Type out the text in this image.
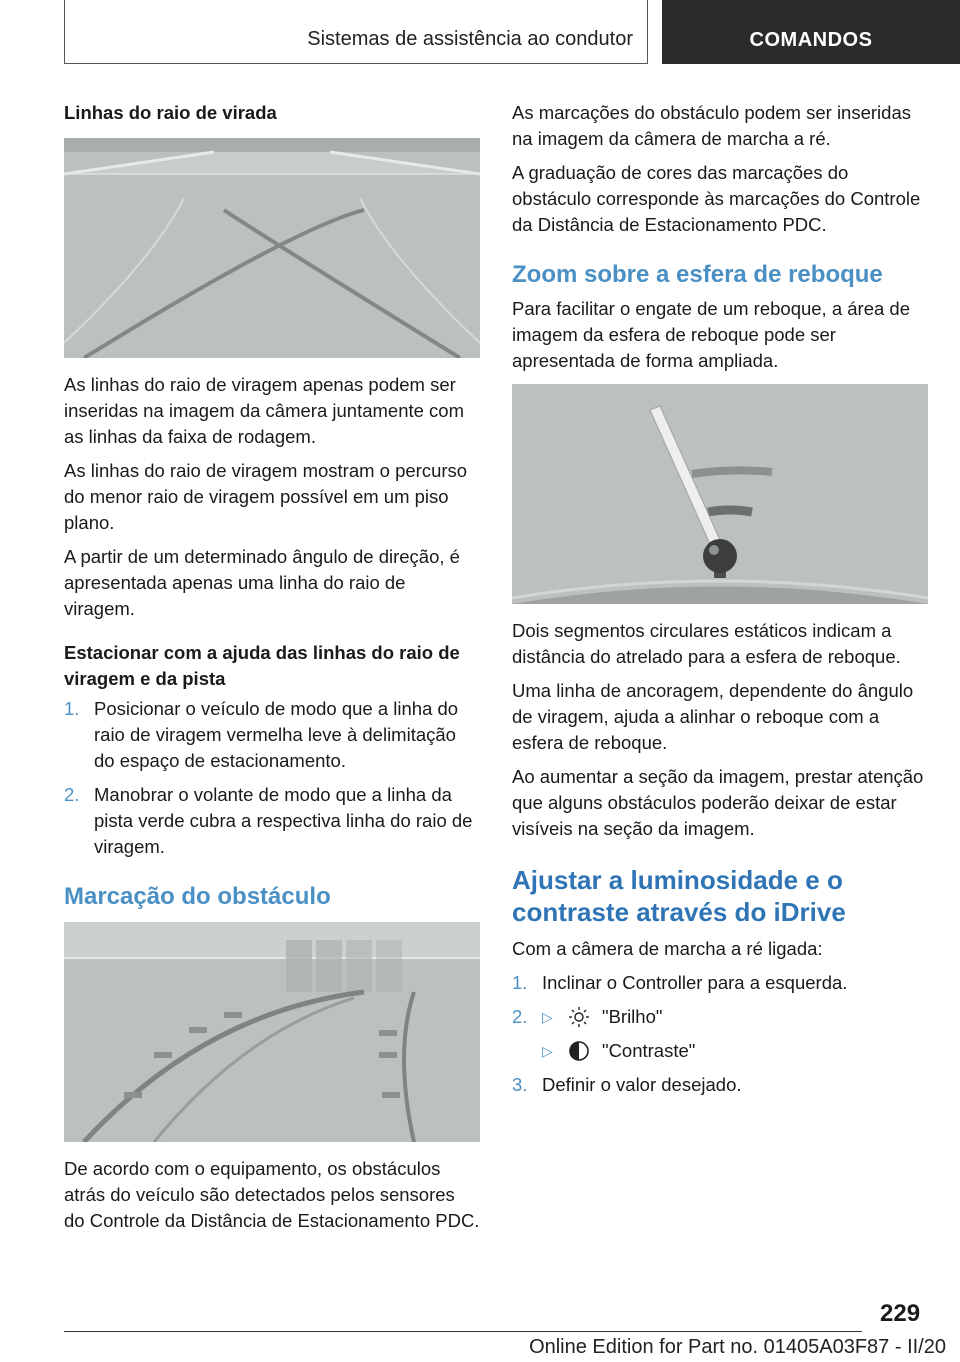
Sistemas de assistência ao condutor	COMANDOS
Linhas do raio de virada

As linhas do raio de viragem apenas podem ser inseridas na imagem da câmera juntamente com as linhas da faixa de rodagem.

As linhas do raio de viragem mostram o percurso do menor raio de viragem possível em um piso plano.

A partir de um determinado ângulo de direção, é apresentada apenas uma linha do raio de viragem.

Estacionar com a ajuda das linhas do raio de viragem e da pista
1. Posicionar o veículo de modo que a linha do raio de viragem vermelha leve à delimitação do espaço de estacionamento.
2. Manobrar o volante de modo que a linha da pista verde cubra a respectiva linha do raio de viragem.
Marcação do obstáculo

De acordo com o equipamento, os obstáculos atrás do veículo são detectados pelos sensores do Controle da Distância de Estacionamento PDC.

As marcações do obstáculo podem ser inseridas na imagem da câmera de marcha a ré.

A graduação de cores das marcações do obstáculo corresponde às marcações do Controle da Distância de Estacionamento PDC.

Zoom sobre a esfera de reboque

Para facilitar o engate de um reboque, a área de imagem da esfera de reboque pode ser apresentada de forma ampliada.

Dois segmentos circulares estáticos indicam a distância do atrelado para a esfera de reboque.

Uma linha de ancoragem, dependente do ângulo de viragem, ajuda a alinhar o reboque com a esfera de reboque.

Ao aumentar a seção da imagem, prestar atenção que alguns obstáculos poderão deixar de estar visíveis na seção da imagem.

Ajustar a luminosidade e o contraste através do iDrive

Com a câmera de marcha a ré ligada:

1. Inclinar o Controller para a esquerda.
2. ▷	"Brilho"
▷	"Contraste"
3. Definir o valor desejado.
229
Online Edition for Part no. 01405A03F87 - II/20
